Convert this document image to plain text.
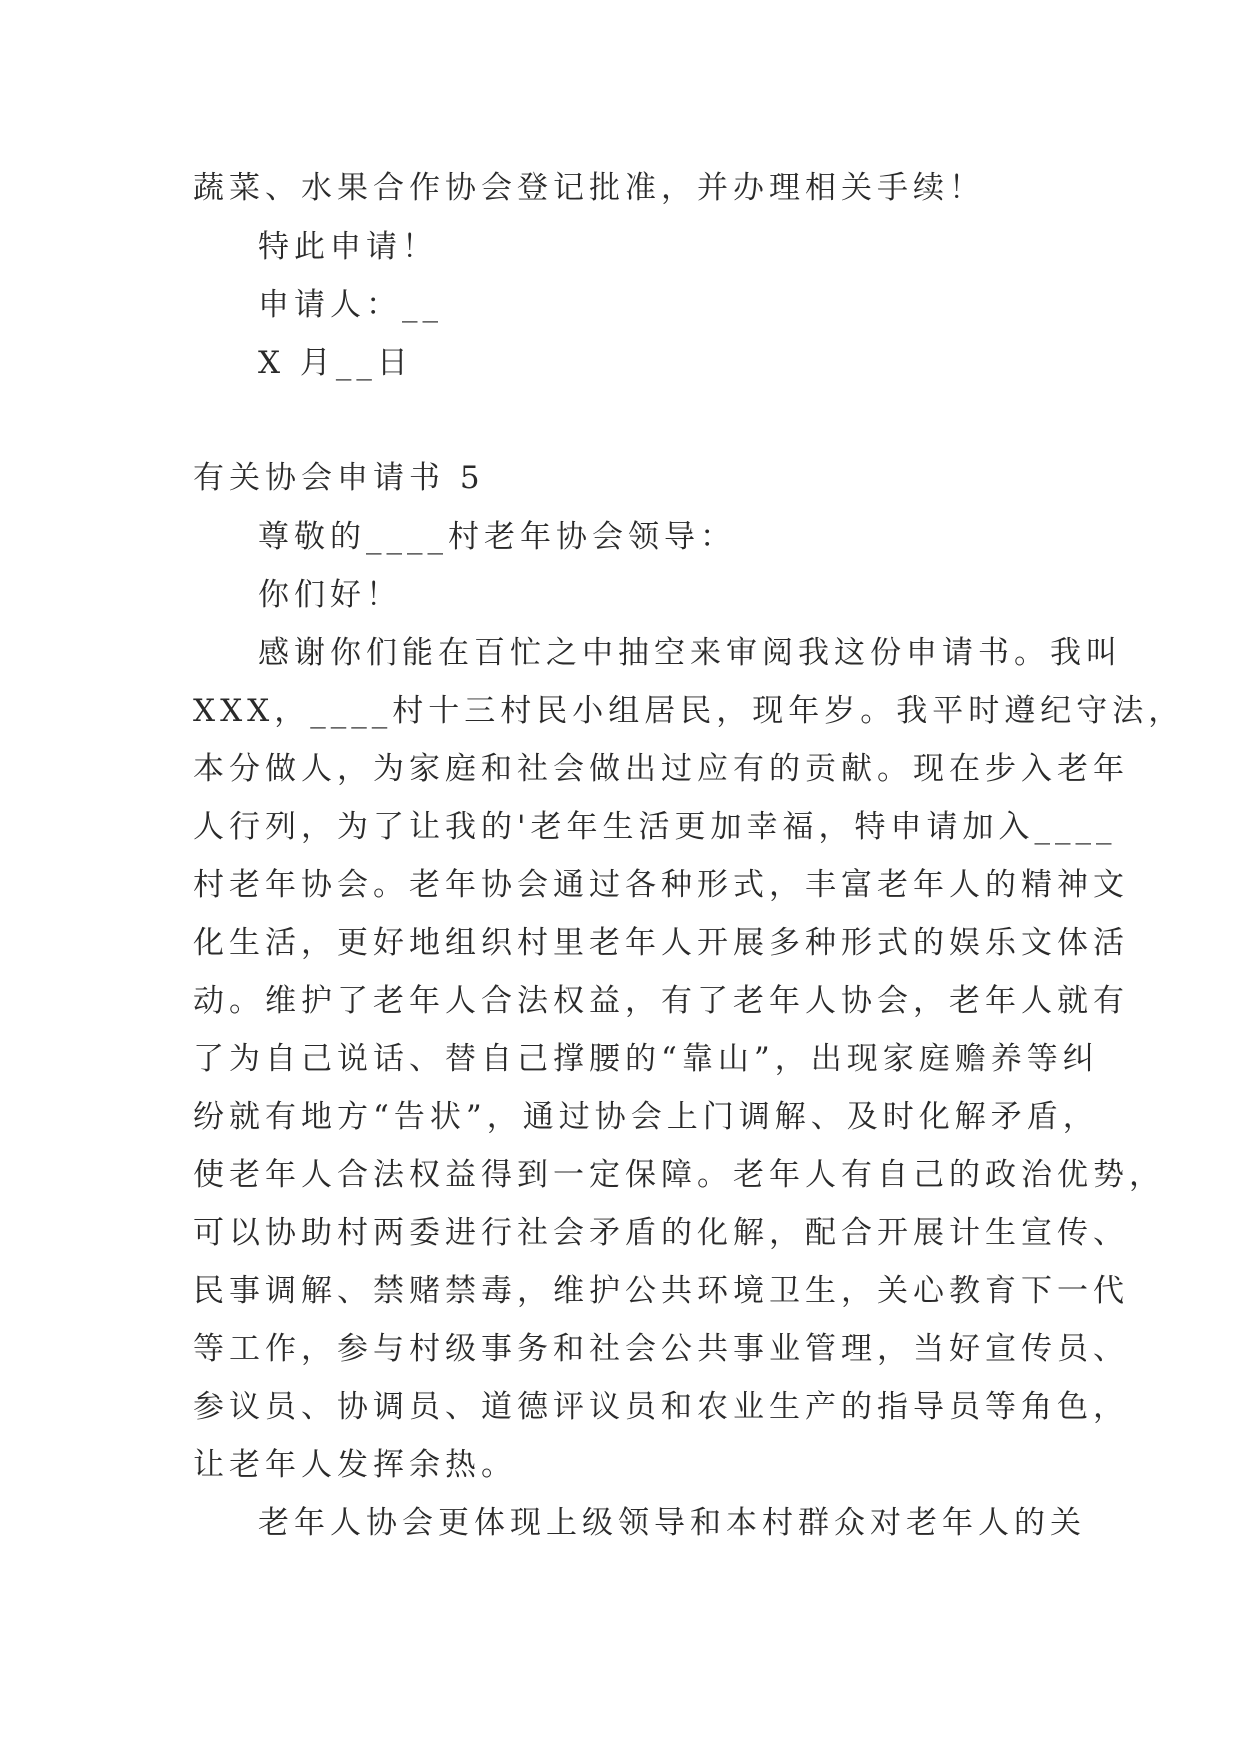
蔬菜、水果合作协会登记批准，并办理相关手续！

特此申请！

申请人：__

X 月__日

有关协会申请书 5

尊敬的____村老年协会领导：

你们好！

感谢你们能在百忙之中抽空来审阅我这份申请书。我叫

XXX，____村十三村民小组居民，现年岁。我平时遵纪守法，

本分做人，为家庭和社会做出过应有的贡献。现在步入老年

人行列，为了让我的'老年生活更加幸福，特申请加入____

村老年协会。老年协会通过各种形式，丰富老年人的精神文

化生活，更好地组织村里老年人开展多种形式的娱乐文体活

动。维护了老年人合法权益，有了老年人协会，老年人就有

了为自己说话、替自己撑腰的“靠山”，出现家庭赡养等纠

纷就有地方“告状”，通过协会上门调解、及时化解矛盾，

使老年人合法权益得到一定保障。老年人有自己的政治优势，

可以协助村两委进行社会矛盾的化解，配合开展计生宣传、

民事调解、禁赌禁毒，维护公共环境卫生，关心教育下一代

等工作，参与村级事务和社会公共事业管理，当好宣传员、

参议员、协调员、道德评议员和农业生产的指导员等角色，

让老年人发挥余热。

老年人协会更体现上级领导和本村群众对老年人的关
